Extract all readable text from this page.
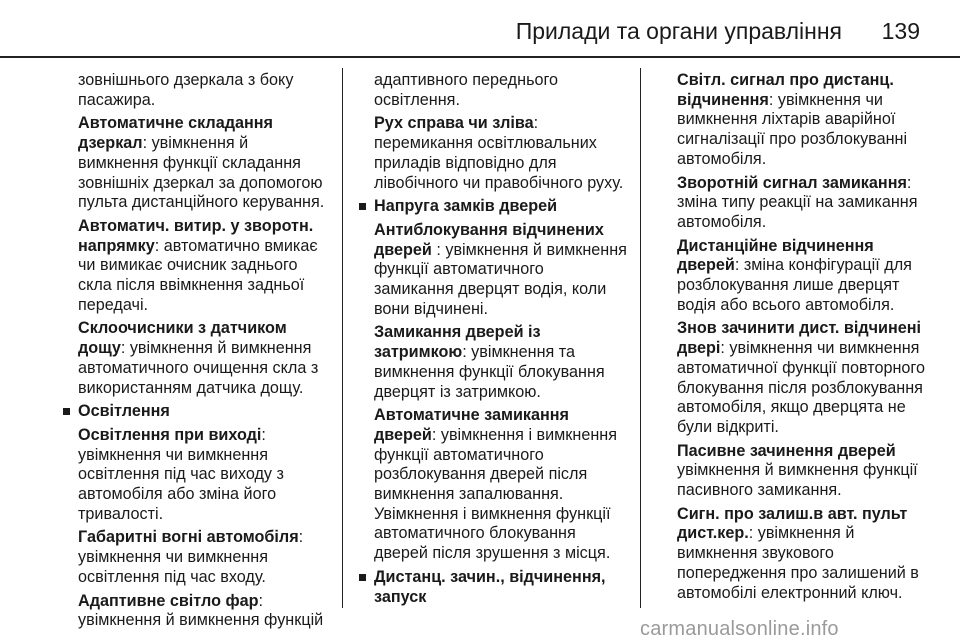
Прилади та органи управління 139

зовнішнього дзеркала з боку пасажира.

Автоматичне складання дзеркал: увімкнення й вимкнення функції складання зовнішніх дзеркал за допомогою пульта дистанційного керування.

Автоматич. витир. у зворотн. напрямку: автоматично вмикає чи вимикає очисник заднього скла після ввімкнення задньої передачі.

Склоочисники з датчиком дощу: увімкнення й вимкнення автоматичного очищення скла з використанням датчика дощу.

Освітлення

Освітлення при виході: увімкнення чи вимкнення освітлення під час виходу з автомобіля або зміна його тривалості.

Габаритні вогні автомобіля: увімкнення чи вимкнення освітлення під час входу.

Адаптивне світло фар: увімкнення й вимкнення функцій

адаптивного переднього освітлення.

Рух справа чи зліва: перемикання освітлювальних приладів відповідно для лівобічного чи правобічного руху.

Напруга замків дверей

Антиблокування відчинених дверей : увімкнення й вимкнення функції автоматичного замикання дверцят водія, коли вони відчинені.

Замикання дверей із затримкою: увімкнення та вимкнення функції блокування дверцят із затримкою.

Автоматичне замикання дверей: увімкнення і вимкнення функції автоматичного розблокування дверей після вимкнення запалювання. Увімкнення і вимкнення функції автоматичного блокування дверей після зрушення з місця.

Дистанц. зачин., відчинення, запуск

Світл. сигнал про дистанц. відчинення: увімкнення чи вимкнення ліхтарів аварійної сигналізації про розблокуванні автомобіля.

Зворотній сигнал замикання: зміна типу реакції на замикання автомобіля.

Дистанційне відчинення дверей: зміна конфігурації для розблокування лише дверцят водія або всього автомобіля.

Знов зачинити дист. відчинені двері: увімкнення чи вимкнення автоматичної функції повторного блокування після розблокування автомобіля, якщо дверцята не були відкриті.

Пасивне зачинення дверей
увімкнення й вимкнення функції пасивного замикання.

Сигн. про залиш.в авт. пульт дист.кер.: увімкнення й вимкнення звукового попередження про залишений в автомобілі електронний ключ.

carmanualsonline.info
